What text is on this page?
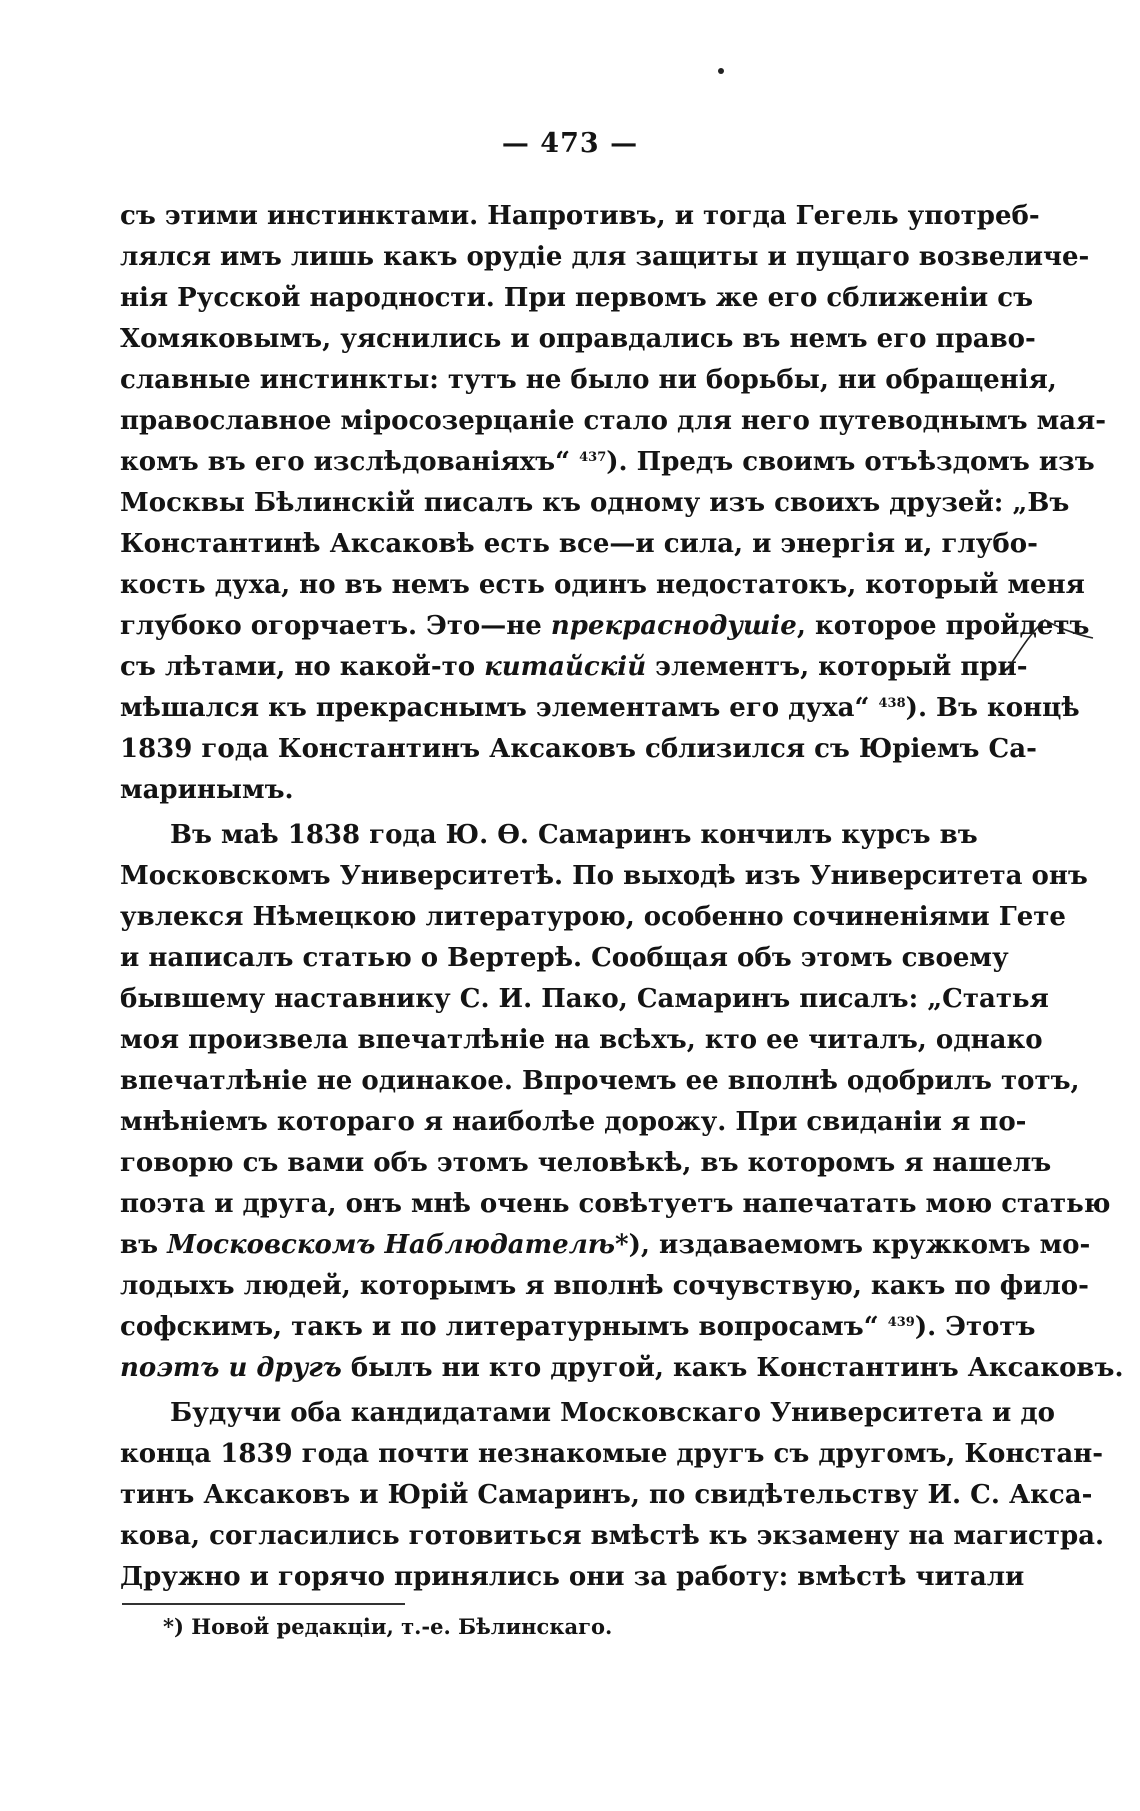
— 473 —
съ этими инстинктами. Напротивъ, и тогда Гегель употреб-
лялся имъ лишь какъ орудіе для защиты и пущаго возвеличе-
нія Русской народности. При первомъ же его сближеніи съ
Хомяковымъ, уяснились и оправдались въ немъ его право-
славные инстинкты: тутъ не было ни борьбы, ни обращенія,
православное міросозерцаніе стало для него путеводнымъ мая-
комъ въ его изслѣдованіяхъ“ $^{437}$). Предъ своимъ отъѣздомъ изъ
Москвы Бѣлинскій писалъ къ одному изъ своихъ друзей: „Въ
Константинѣ Аксаковѣ есть все—и сила, и энергія и, глубо-
кость духа, но въ немъ есть одинъ недостатокъ, который меня
глубоко огорчаетъ. Это—не прекраснодушіе, которое пройдетъ
съ лѣтами, но какой-то китайскій элементъ, который при-
мѣшался къ прекраснымъ элементамъ его духа“ $^{438}$). Въ концѣ
1839 года Константинъ Аксаковъ сблизился съ Юріемъ Са-
маринымъ.
Въ маѣ 1838 года Ю. Ѳ. Самаринъ кончилъ курсъ въ
Московскомъ Университетѣ. По выходѣ изъ Университета онъ
увлекся Нѣмецкою литературою, особенно сочиненіями Гете
и написалъ статью о Вертерѣ. Сообщая объ этомъ своему
бывшему наставнику С. И. Пако, Самаринъ писалъ: „Статья
моя произвела впечатлѣніе на всѣхъ, кто ее читалъ, однако
впечатлѣніе не одинакое. Впрочемъ ее вполнѣ одобрилъ тотъ,
мнѣніемъ котораго я наиболѣе дорожу. При свиданіи я по-
говорю съ вами объ этомъ человѣкѣ, въ которомъ я нашелъ
поэта и друга, онъ мнѣ очень совѣтуетъ напечатать мою статью
въ Московскомъ Наблюдателѣ*), издаваемомъ кружкомъ мо-
лодыхъ людей, которымъ я вполнѣ сочувствую, какъ по фило-
софскимъ, такъ и по литературнымъ вопросамъ“ $^{439}$). Этотъ
поэтъ и другъ былъ ни кто другой, какъ Константинъ Аксаковъ.
Будучи оба кандидатами Московскаго Университета и до
конца 1839 года почти незнакомые другъ съ другомъ, Констан-
тинъ Аксаковъ и Юрій Самаринъ, по свидѣтельству И. С. Акса-
кова, согласились готовиться вмѣстѣ къ экзамену на магистра.
Дружно и горячо принялись они за работу: вмѣстѣ читали
*) Новой редакціи, т.-е. Бѣлинскаго.
